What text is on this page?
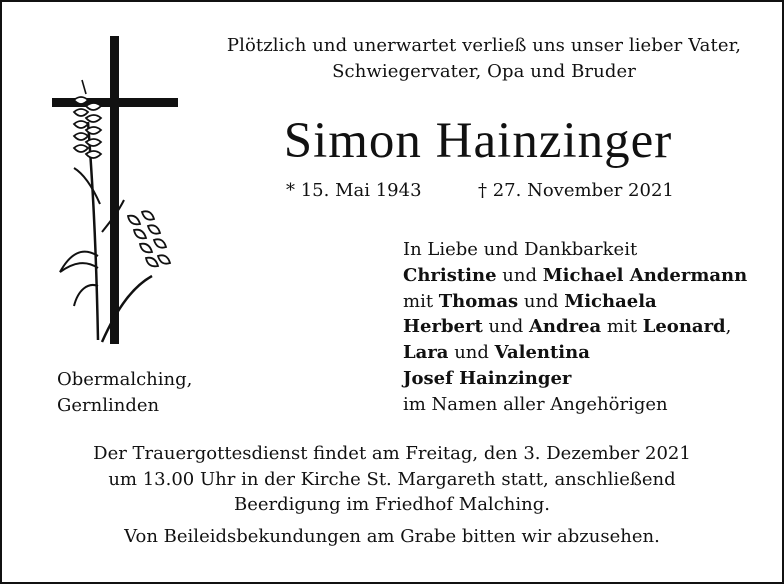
Plötzlich und unerwartet verließ uns unser lieber Vater,
Schwiegervater, Opa und Bruder
Simon Hainzinger
* 15. Mai 1943	† 27. November 2021
In Liebe und Dankbarkeit
Christine und Michael Andermann
mit Thomas und Michaela
Herbert und Andrea mit Leonard,
Lara und Valentina
Josef Hainzinger
im Namen aller Angehörigen
Obermalching,
Gernlinden
Der Trauergottesdienst findet am Freitag, den 3. Dezember 2021
um 13.00 Uhr in der Kirche St. Margareth statt, anschließend
Beerdigung im Friedhof Malching.
Von Beileidsbekundungen am Grabe bitten wir abzusehen.
